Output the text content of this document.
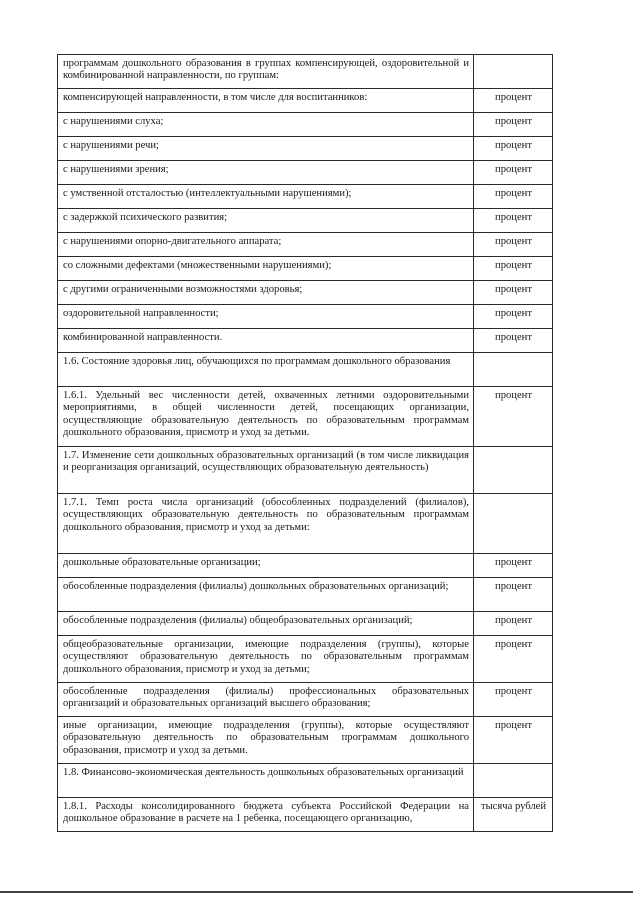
программам дошкольного образования в группах компенсирующей, оздоровительной и комбинированной направленности, по группам:	
компенсирующей направленности, в том числе для воспитанников:	процент
с нарушениями слуха;	процент
с нарушениями речи;	процент
с нарушениями зрения;	процент
с умственной отсталостью (интеллектуальными нарушениями);	процент
с задержкой психического развития;	процент
с нарушениями опорно-двигательного аппарата;	процент
со сложными дефектами (множественными нарушениями);	процент
с другими ограниченными возможностями здоровья;	процент
оздоровительной направленности;	процент
комбинированной направленности.	процент
1.6. Состояние здоровья лиц, обучающихся по программам дошкольного образования	
1.6.1. Удельный вес численности детей, охваченных летними оздоровительными мероприятиями, в общей численности детей, посещающих организации, осуществляющие образовательную деятельность по образовательным программам дошкольного образования, присмотр и уход за детьми.	процент
1.7. Изменение сети дошкольных образовательных организаций (в том числе ликвидация и реорганизация организаций, осуществляющих образовательную деятельность)	
1.7.1. Темп роста числа организаций (обособленных подразделений (филиалов), осуществляющих образовательную деятельность по образовательным программам дошкольного образования, присмотр и уход за детьми:	
дошкольные образовательные организации;	процент
обособленные подразделения (филиалы) дошкольных образовательных организаций;	процент
обособленные подразделения (филиалы) общеобразовательных организаций;	процент
общеобразовательные организации, имеющие подразделения (группы), которые осуществляют образовательную деятельность по образовательным программам дошкольного образования, присмотр и уход за детьми;	процент
обособленные подразделения (филиалы) профессиональных образовательных организаций и образовательных организаций высшего образования;	процент
иные организации, имеющие подразделения (группы), которые осуществляют образовательную деятельность по образовательным программам дошкольного образования, присмотр и уход за детьми.	процент
1.8. Финансово-экономическая деятельность дошкольных образовательных организаций	
1.8.1. Расходы консолидированного бюджета субъекта Российской Федерации на дошкольное образование в расчете на 1 ребенка, посещающего организацию,	тысяча рублей
